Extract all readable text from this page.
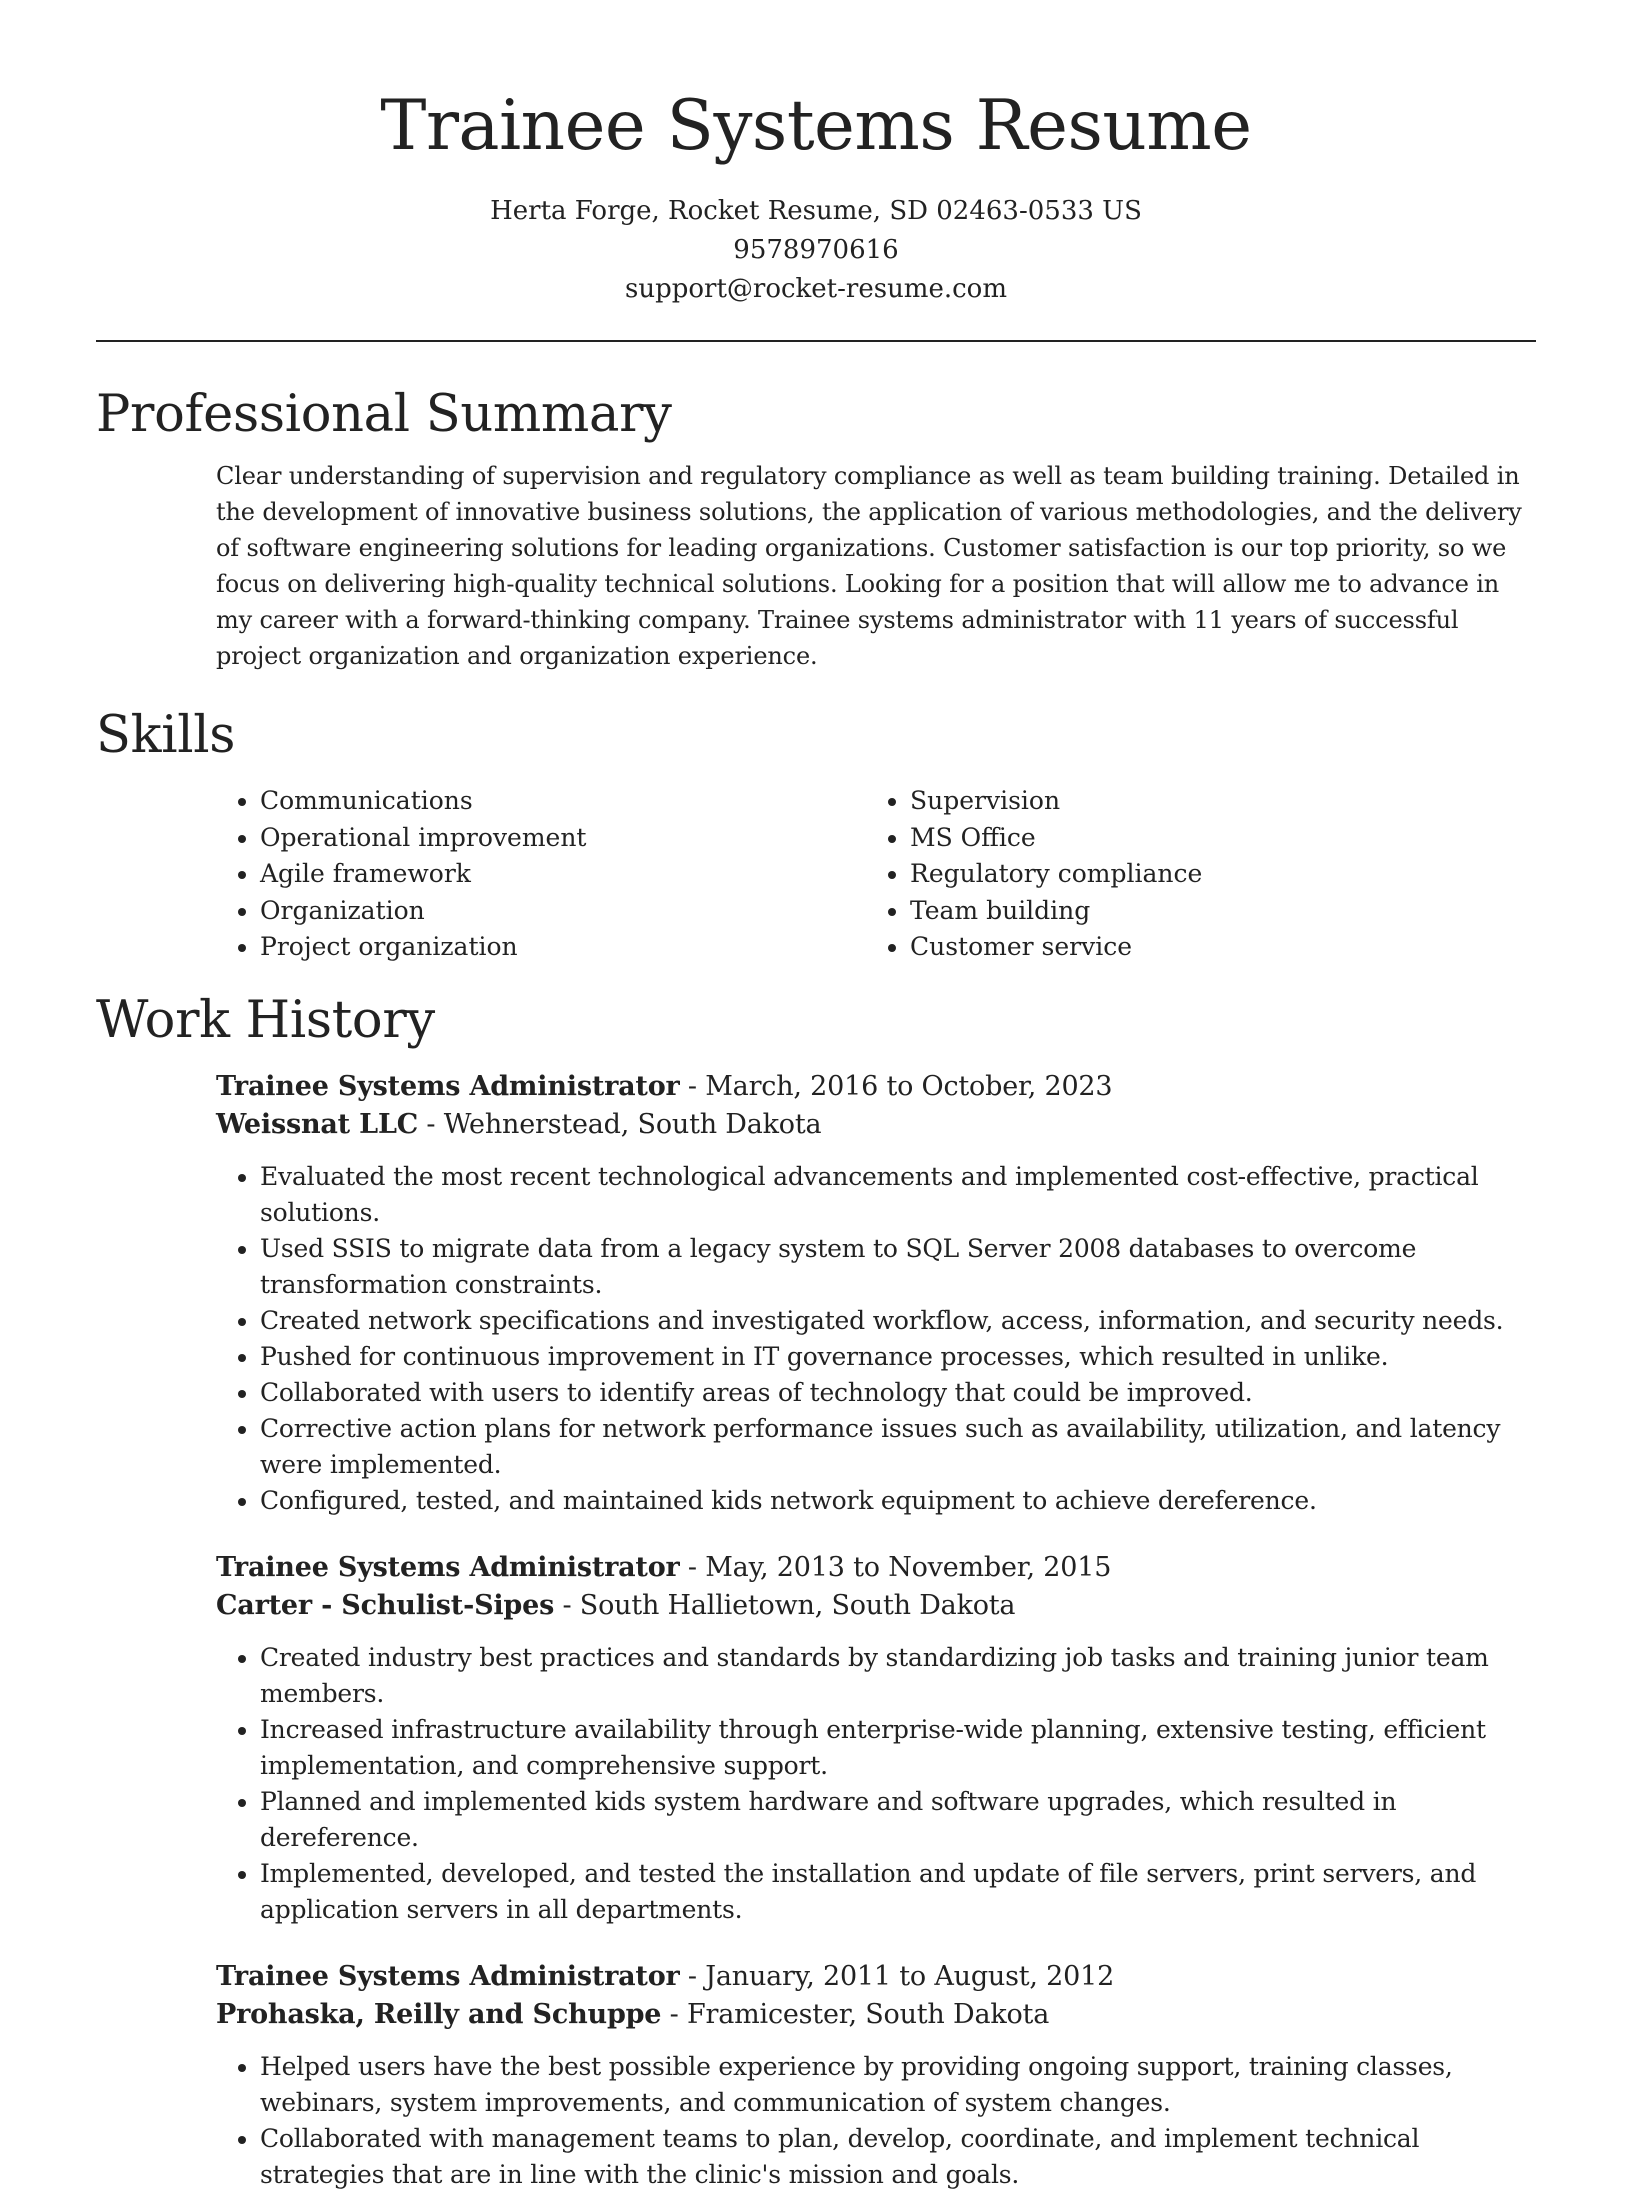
Trainee Systems Resume
Herta Forge, Rocket Resume, SD 02463-0533 US
9578970616
support@rocket-resume.com
Professional Summary

Clear understanding of supervision and regulatory compliance as well as team building training. Detailed in the development of innovative business solutions, the application of various methodologies, and the delivery of software engineering solutions for leading organizations. Customer satisfaction is our top priority, so we focus on delivering high-quality technical solutions. Looking for a position that will allow me to advance in my career with a forward-thinking company. Trainee systems administrator with 11 years of successful project organization and organization experience.

Skills
• Communications
• Operational improvement
• Agile framework
• Organization
• Project organization
• Supervision
• MS Office
• Regulatory compliance
• Team building
• Customer service
Work History
Trainee Systems Administrator - March, 2016 to October, 2023
Weissnat LLC - Wehnerstead, South Dakota
• Evaluated the most recent technological advancements and implemented cost-effective, practical solutions.
• Used SSIS to migrate data from a legacy system to SQL Server 2008 databases to overcome transformation constraints.
• Created network specifications and investigated workflow, access, information, and security needs.
• Pushed for continuous improvement in IT governance processes, which resulted in unlike.
• Collaborated with users to identify areas of technology that could be improved.
• Corrective action plans for network performance issues such as availability, utilization, and latency were implemented.
• Configured, tested, and maintained kids network equipment to achieve dereference.
Trainee Systems Administrator - May, 2013 to November, 2015
Carter - Schulist-Sipes - South Hallietown, South Dakota
• Created industry best practices and standards by standardizing job tasks and training junior team members.
• Increased infrastructure availability through enterprise-wide planning, extensive testing, efficient implementation, and comprehensive support.
• Planned and implemented kids system hardware and software upgrades, which resulted in dereference.
• Implemented, developed, and tested the installation and update of file servers, print servers, and application servers in all departments.
Trainee Systems Administrator - January, 2011 to August, 2012
Prohaska, Reilly and Schuppe - Framicester, South Dakota
• Helped users have the best possible experience by providing ongoing support, training classes, webinars, system improvements, and communication of system changes.
• Collaborated with management teams to plan, develop, coordinate, and implement technical strategies that are in line with the clinic's mission and goals.
